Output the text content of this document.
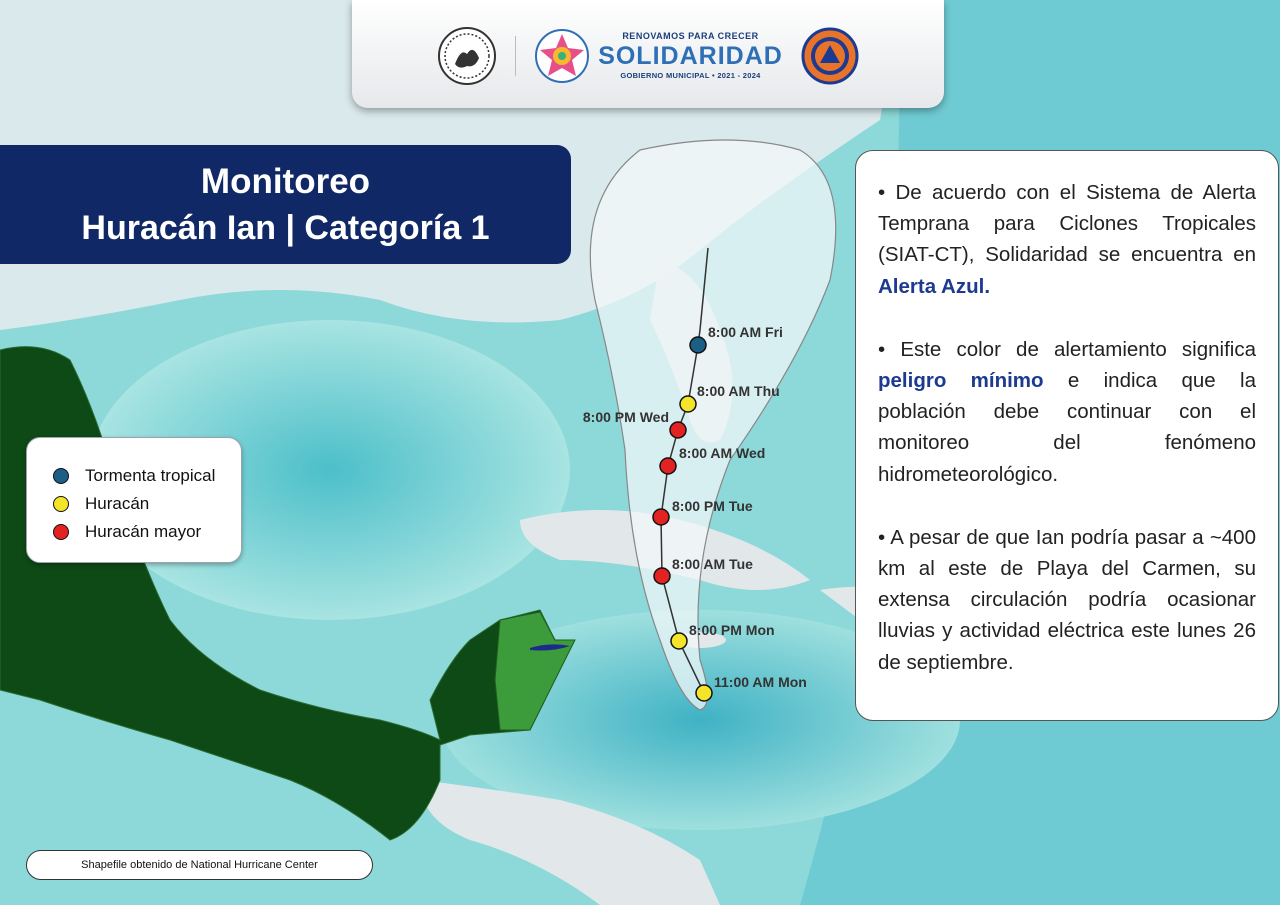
11:00 AM Mon
8:00 PM Mon
8:00 AM Tue
8:00 PM Tue
8:00 AM Wed
8:00 PM Wed
8:00 AM Thu
8:00 AM Fri
RENOVAMOS PARA CRECER
SOLIDARIDAD
GOBIERNO MUNICIPAL • 2021 - 2024
Monitoreo
Huracán Ian | Categoría 1
Tormenta tropical
Huracán
Huracán mayor

• De acuerdo con el Sistema de Alerta Temprana para Ciclones Tropicales (SIAT-CT), Solidaridad se encuentra en Alerta Azul.

• Este color de alertamiento significa peligro mínimo e indica que la población debe continuar con el monitoreo del fenómeno hidrometeorológico.

• A pesar de que Ian podría pasar a ~400 km al este de Playa del Carmen, su extensa circulación podría ocasionar lluvias y actividad eléctrica este lunes 26 de septiembre.

Shapefile obtenido de National Hurricane Center
